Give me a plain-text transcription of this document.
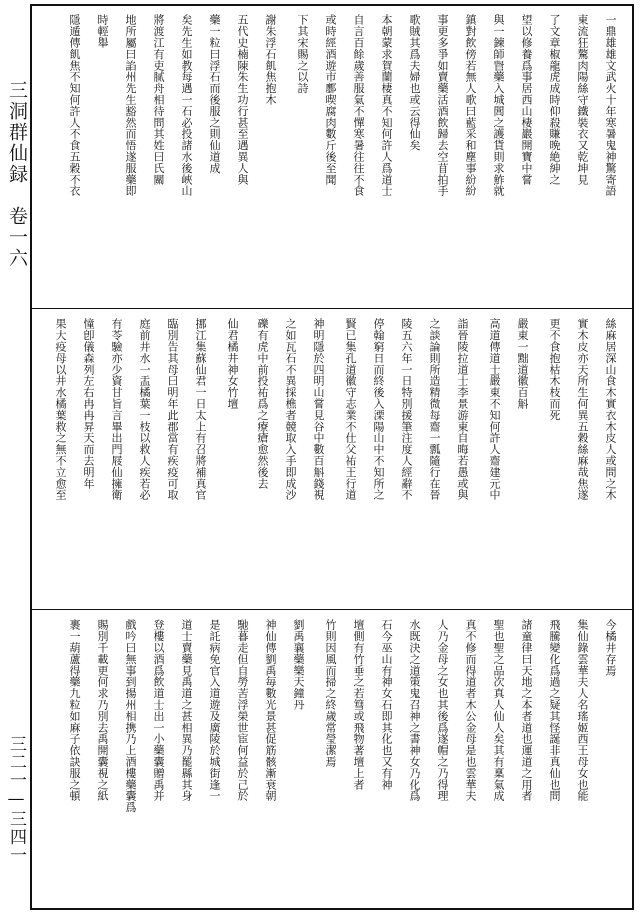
三洞群仙録　卷一六
三二一—三四一
一鼎雄雄文武火十年寒暑鬼神驚寄語
東流狂驁肉陽絲守鐵裝衣又乾坤見
了文章椒龍虎成時仰殺賺晩絶紳之
望以修養爲事居西山棲巖開寶中嘗
與一鍊師𨺫藥入城閭之護貨則求鮓就
鎮對飲傍若無人歌曰藍采和塵事紛紛
事更多爭如賣藥活酒飲歸去空苜拍手
歌賊其爲夫婦也或云得仙矣
本朝蒙求賀蘭棲真不知何許人爲道士
自言百餘歲善服氣不憚寒暑往往不食
或時經酒遊市鄽喫腐肉數斤後至聞
下其宋賜之以詩
謝朱浮石飢焦抱木
五代史楠陳朱生功行甚至遇異人與
藥一粒曰浮石而後服之則仙道成
矣先生如教每遇一石必投諸水後峽山
將渡江有吏腻舟相待問其姓曰氏關
地所屬曰諂州先生豁然而悟遂服藥即
時輕舉
隱遁傳飢焦不知何許人不食五穀不衣
絲麻居深山食木實衣木皮人或問之木
實木皮亦天所生何異五穀絲麻哉焦遂
更不食抱枯木枝而死
嚴東一黜道徽百斛
高道傳道士嚴東不知何許人齋建元中
詣晉陵拉道士李景游東自晦若愚或與
之談論則所造精微每齋一瓢隨行在晉
陵五六年一日特別援筆注度人經辭不
停翰窮日而終後入溧陽山中不知所之
賢已集孔道徽守志業不仕父祐王行道
神明隱於四明山嘗見谷中數百斛錢視
之如瓦石不異採樵者競取入手即成沙
礫有虎中前投祐爲之療瘡愈然後去
仙君橘井神女竹壇
挪江集蘇仙君一日太上有召將補真官
臨別告其母曰明年此郡當有疾疫可取
庭前井水一盂橘葉一枝以救人疾若必
有苓驗亦少資甘旨言畢出門屐仙擁衛
憧卽儀森列左右冉冉昇天而去明年
果大疫母以井水橘葉救之無不立愈至
今橘井存焉
集仙錄雲華夫人名瑤姬西王母女也能
飛騰變化爲過之疑其怪誕非真仙也問
諸童律曰天地之本者道也運道之用者
聖也聖之品次真人仙人矣其有稟氣成
真不修而得道者木公金母是也雲華夫
人乃金母之女也其後爲遂帽之乃得理
水既決之道策鬼召神之書神女乃化爲
石今巫山有神女石即其化也又有神
壇側有竹垂之若篲或飛物著壇上者
竹則因風而掃之終歲常瑩潔焉
劉禹襄藥樂天鐘丹
神仙傳劉禹毎數光景甚促筋骸漸衰朝
馳暮走但自勞苦浮榮世宦何益於己於
是託病免官入道遊及廣陵於城街逢一
道士賣藥見禹道之甚相異乃罷縣其身
登樓以酒爲飲道士出一小藥囊贈禹并
戲吟曰無事到揚州相携乃上酒樓藥囊爲
賜別千載更何求乃別去禹開囊視之紙
裹一葫蘆得藥九粒如麻子依訣服之頓
